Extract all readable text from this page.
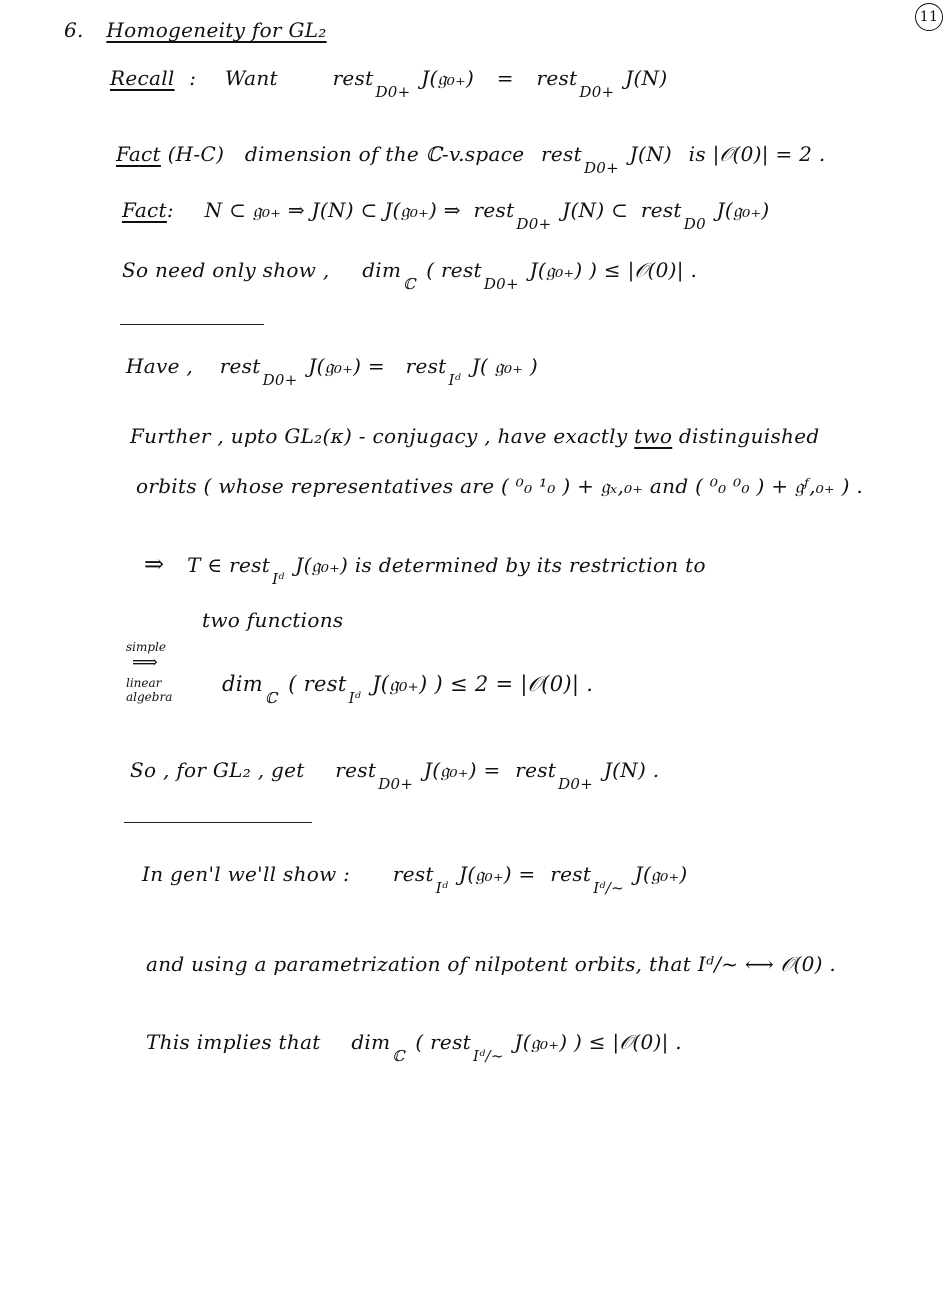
11
6. Homogeneity for GL₂
Recall : Want	rest$_{D0+}$ J(𝔤₀₊) = rest$_{D0+}$ J(N)
Fact (H-C) dimension of the ℂ-v.space rest$_{D0+}$ J(N) is |𝒪(0)| = 2 .
Fact: N ⊂ 𝔤₀₊ ⇒ J(N) ⊂ J(𝔤₀₊) ⇒ rest$_{D0+}$ J(N) ⊂ rest$_{D0}$ J(𝔤₀₊)
So need only show , dim$_ℂ$ ( rest$_{D0+}$ J(𝔤₀₊) ) ≤ |𝒪(0)| .
Have , rest$_{D0+}$ J(𝔤₀₊) = rest$_{Iᵈ}$ J( 𝔤₀₊ )
Further , upto GL₂(κ) - conjugacy , have exactly two distinguished
orbits ( whose representatives are ( ⁰₀ ¹₀ ) + 𝔤ₓ,₀₊ and ( ⁰₀ ⁰₀ ) + 𝔤ᶠ,₀₊ ) .
⇒ T ∈ rest$_{Iᵈ}$ J(𝔤₀₊) is determined by its restriction to
two functions
simple
⟹
linear
algebra
dim$_ℂ$ ( rest$_{Iᵈ}$ J(𝔤₀₊) ) ≤ 2 = |𝒪(0)| .
So , for GL₂ , get rest$_{D0+}$ J(𝔤₀₊) = rest$_{D0+}$ J(N) .
In gen'l we'll show : rest$_{Iᵈ}$ J(𝔤₀₊) = rest$_{Iᵈ/\sim}$ J(𝔤₀₊)
and using a parametrization of nilpotent orbits, that Iᵈ/~ ⟷ 𝒪(0) .
This implies that dim$_ℂ$ ( rest$_{Iᵈ/\sim}$ J(𝔤₀₊) ) ≤ |𝒪(0)| .
